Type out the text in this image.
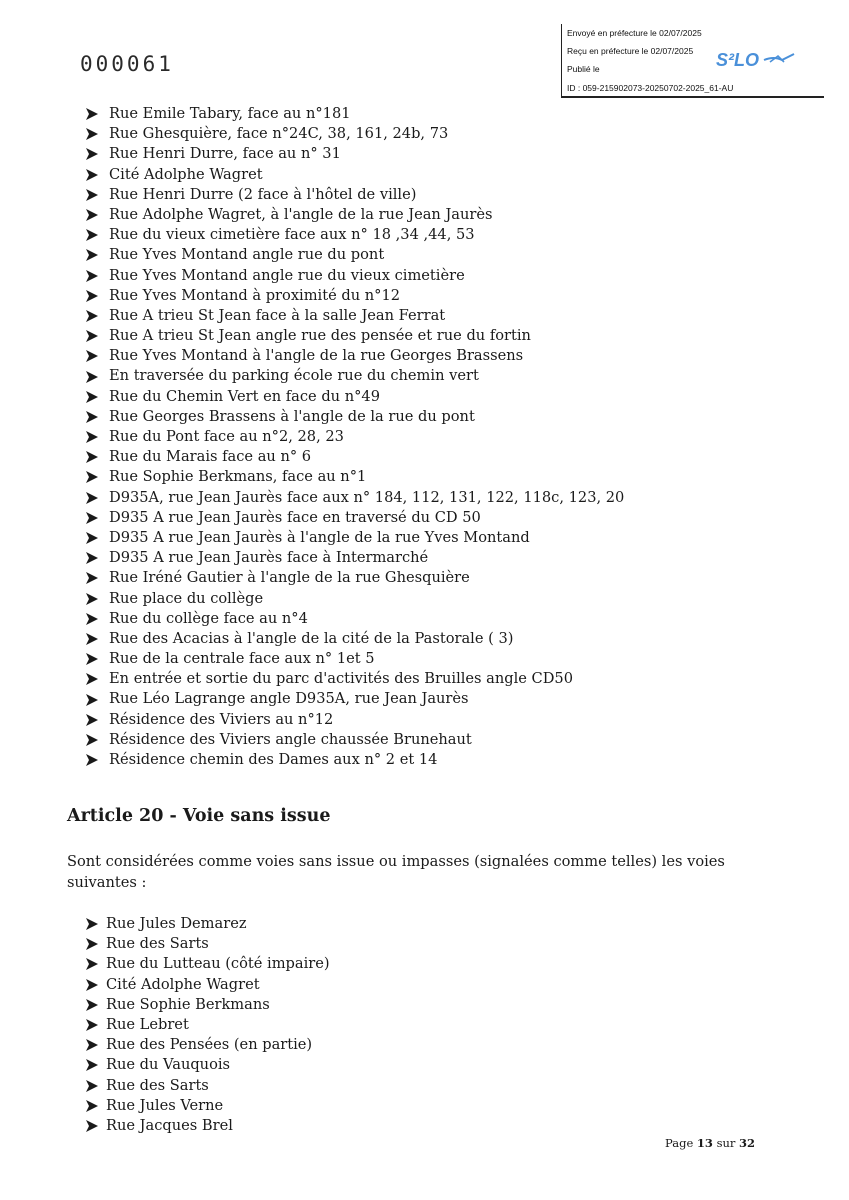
000061
Envoyé en préfecture le 02/07/2025
Reçu en préfecture le 02/07/2025
Publié le
ID : 059-215902073-20250702-2025_61-AU
S²LO
Rue Emile Tabary, face au n°181
Rue Ghesquière, face n°24C, 38, 161, 24b, 73
Rue Henri Durre, face au n° 31
Cité Adolphe Wagret
Rue Henri Durre (2 face à l'hôtel de ville)
Rue Adolphe Wagret, à l'angle de la rue Jean Jaurès
Rue du vieux cimetière face aux n° 18 ,34 ,44, 53
Rue Yves Montand angle rue du pont
Rue Yves Montand angle rue du vieux cimetière
Rue Yves Montand à proximité du n°12
Rue A trieu St Jean face à la salle Jean Ferrat
Rue A trieu St Jean angle rue des pensée et rue du fortin
Rue Yves Montand à l'angle de la rue Georges Brassens
En traversée du parking école rue du chemin vert
Rue du Chemin Vert en face du n°49
Rue Georges Brassens à l'angle de la rue du pont
Rue du Pont face au n°2, 28, 23
Rue du Marais face au n° 6
Rue Sophie Berkmans, face au n°1
D935A, rue Jean Jaurès face aux n° 184, 112, 131, 122, 118c, 123, 20
D935 A rue Jean Jaurès face en traversé du CD 50
D935 A rue Jean Jaurès à l'angle de la rue Yves Montand
D935 A rue Jean Jaurès face à Intermarché
Rue Iréné Gautier à l'angle de la rue Ghesquière
Rue place du collège
Rue du collège face au n°4
Rue des Acacias à l'angle de la cité de la Pastorale ( 3)
Rue de la centrale face aux n° 1et 5
En entrée et sortie du parc d'activités des Bruilles angle CD50
Rue Léo Lagrange angle D935A, rue Jean Jaurès
Résidence des Viviers au n°12
Résidence des Viviers angle chaussée Brunehaut
Résidence chemin des Dames aux n° 2 et 14
Article 20 - Voie sans issue

Sont considérées comme voies sans issue ou impasses (signalées comme telles) les voies suivantes :

Rue Jules Demarez
Rue des Sarts
Rue du Lutteau (côté impaire)
Cité Adolphe Wagret
Rue Sophie Berkmans
Rue Lebret
Rue des Pensées (en partie)
Rue du Vauquois
Rue des Sarts
Rue Jules Verne
Rue Jacques Brel
Page 13 sur 32
